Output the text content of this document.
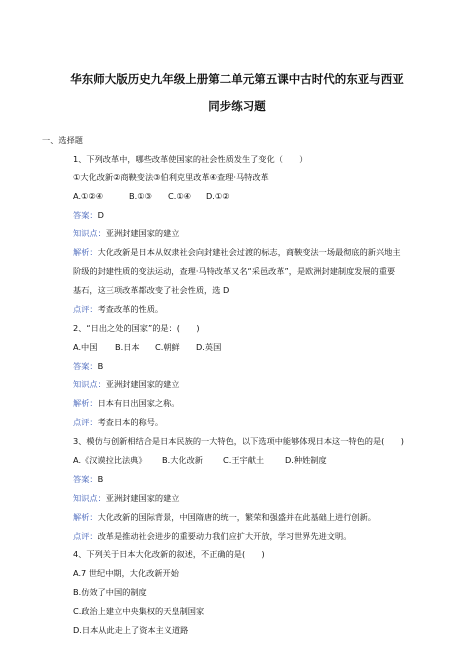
华东师大版历史九年级上册第二单元第五课中古时代的东亚与西亚
同步练习题
一、选择题
1、下列改革中，哪些改革使国家的社会性质发生了变化（　　）
①大化改新②商鞅变法③伯利克里改革④查理·马特改革
A.①②④	B.①③ C.①④ D.①②
答案：D
知识点：亚洲封建国家的建立
解析：大化改新是日本从奴隶社会向封建社会过渡的标志，商鞅变法一场最彻底的新兴地主
阶级的封建性质的变法运动，查理·马特改革又名“采邑改革”，是欧洲封建制度发展的重要
基石，这三项改革都改变了社会性质，选 D
点评：考查改革的性质。
2、“日出之处的国家”的是：(　　)
A.中国 B.日本 C.朝鲜 D.英国
答案：B
知识点：亚洲封建国家的建立
解析：日本有日出国家之称。
点评：考查日本的称号。
3、模仿与创新相结合是日本民族的一大特色，以下选项中能够体现日本这一特色的是(　　)
A.《汉谟拉比法典》 B.大化改新 C.王宇献土	D.种姓制度
答案：B
知识点：亚洲封建国家的建立
解析：大化改新的国际背景，中国隋唐的统一，繁荣和强盛并在此基础上进行创新。
点评：改革是推动社会进步的重要动力我们应扩大开放，学习世界先进文明。
4、下列关于日本大化改新的叙述，不正确的是(　　)
A.7 世纪中期，大化改新开始
B.仿效了中国的制度
C.政治上建立中央集权的天皇制国家
D.日本从此走上了资本主义道路
